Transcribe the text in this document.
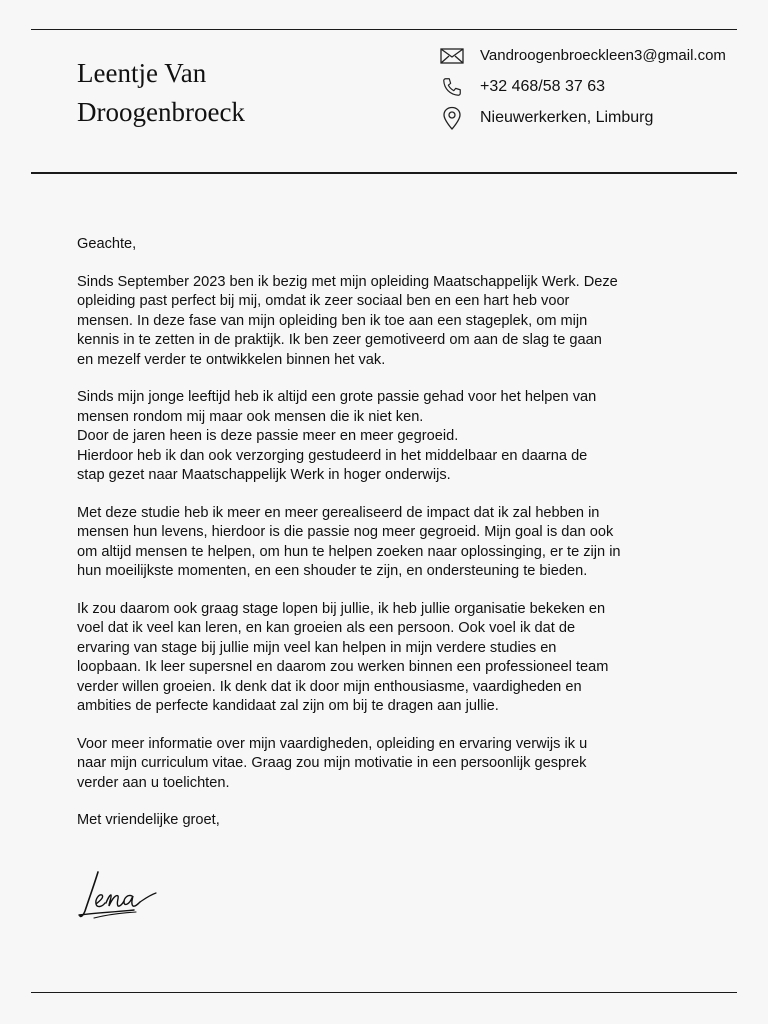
Leentje Van
Droogenbroeck
Vandroogenbroeckleen3@gmail.com
+32 468/58 37 63
Nieuwerkerken, Limburg

Geachte,

Sinds September 2023 ben ik bezig met mijn opleiding Maatschappelijk Werk. Deze
opleiding past perfect bij mij, omdat ik zeer sociaal ben en een hart heb voor
mensen. In deze fase van mijn opleiding ben ik toe aan een stageplek, om mijn
kennis in te zetten in de praktijk. Ik ben zeer gemotiveerd om aan de slag te gaan
en mezelf verder te ontwikkelen binnen het vak.

Sinds mijn jonge leeftijd heb ik altijd een grote passie gehad voor het helpen van
mensen rondom mij maar ook mensen die ik niet ken.
Door de jaren heen is deze passie meer en meer gegroeid.
Hierdoor heb ik dan ook verzorging gestudeerd in het middelbaar en daarna de
stap gezet naar Maatschappelijk Werk in hoger onderwijs.

Met deze studie heb ik meer en meer gerealiseerd de impact dat ik zal hebben in
mensen hun levens, hierdoor is die passie nog meer gegroeid. Mijn goal is dan ook
om altijd mensen te helpen, om hun te helpen zoeken naar oplossinging, er te zijn in
hun moeilijkste momenten, en een shouder te zijn, en ondersteuning te bieden.

Ik zou daarom ook graag stage lopen bij jullie, ik heb jullie organisatie bekeken en
voel dat ik veel kan leren, en kan groeien als een persoon. Ook voel ik dat de
ervaring van stage bij jullie mijn veel kan helpen in mijn verdere studies en
loopbaan. Ik leer supersnel en daarom zou werken binnen een professioneel team
verder willen groeien. Ik denk dat ik door mijn enthousiasme, vaardigheden en
ambities de perfecte kandidaat zal zijn om bij te dragen aan jullie.

Voor meer informatie over mijn vaardigheden, opleiding en ervaring verwijs ik u
naar mijn curriculum vitae. Graag zou mijn motivatie in een persoonlijk gesprek
verder aan u toelichten.

Met vriendelijke groet,
